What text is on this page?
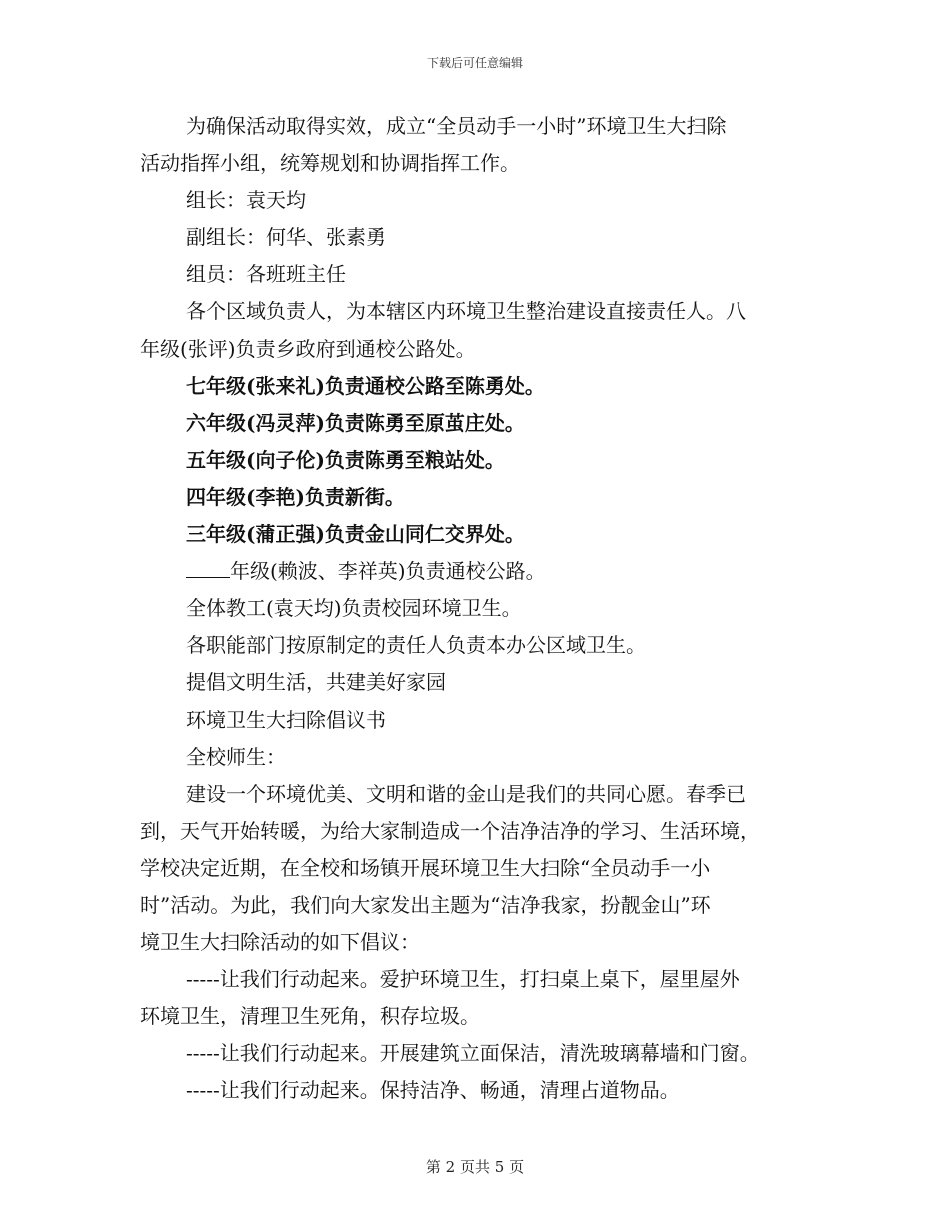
下载后可任意编辑

为确保活动取得实效，成立“全员动手一小时”环境卫生大扫除

活动指挥小组，统筹规划和协调指挥工作。

组长：袁天均

副组长：何华、张素勇

组员：各班班主任

各个区域负责人，为本辖区内环境卫生整治建设直接责任人。八

年级(张评)负责乡政府到通校公路处。

七年级(张来礼)负责通校公路至陈勇处。

六年级(冯灵萍)负责陈勇至原茧庄处。

五年级(向子伦)负责陈勇至粮站处。

四年级(李艳)负责新街。

三年级(蒲正强)负责金山同仁交界处。

年级(赖波、李祥英)负责通校公路。

全体教工(袁天均)负责校园环境卫生。

各职能部门按原制定的责任人负责本办公区域卫生。

提倡文明生活，共建美好家园

环境卫生大扫除倡议书

全校师生：

建设一个环境优美、文明和谐的金山是我们的共同心愿。春季已

到，天气开始转暖，为给大家制造成一个洁净洁净的学习、生活环境，

学校决定近期，在全校和场镇开展环境卫生大扫除“全员动手一小

时”活动。为此，我们向大家发出主题为“洁净我家，扮靓金山”环

境卫生大扫除活动的如下倡议：

-----让我们行动起来。爱护环境卫生，打扫桌上桌下，屋里屋外

环境卫生，清理卫生死角，积存垃圾。

-----让我们行动起来。开展建筑立面保洁，清洗玻璃幕墙和门窗。

-----让我们行动起来。保持洁净、畅通，清理占道物品。

第 2 页共 5 页
